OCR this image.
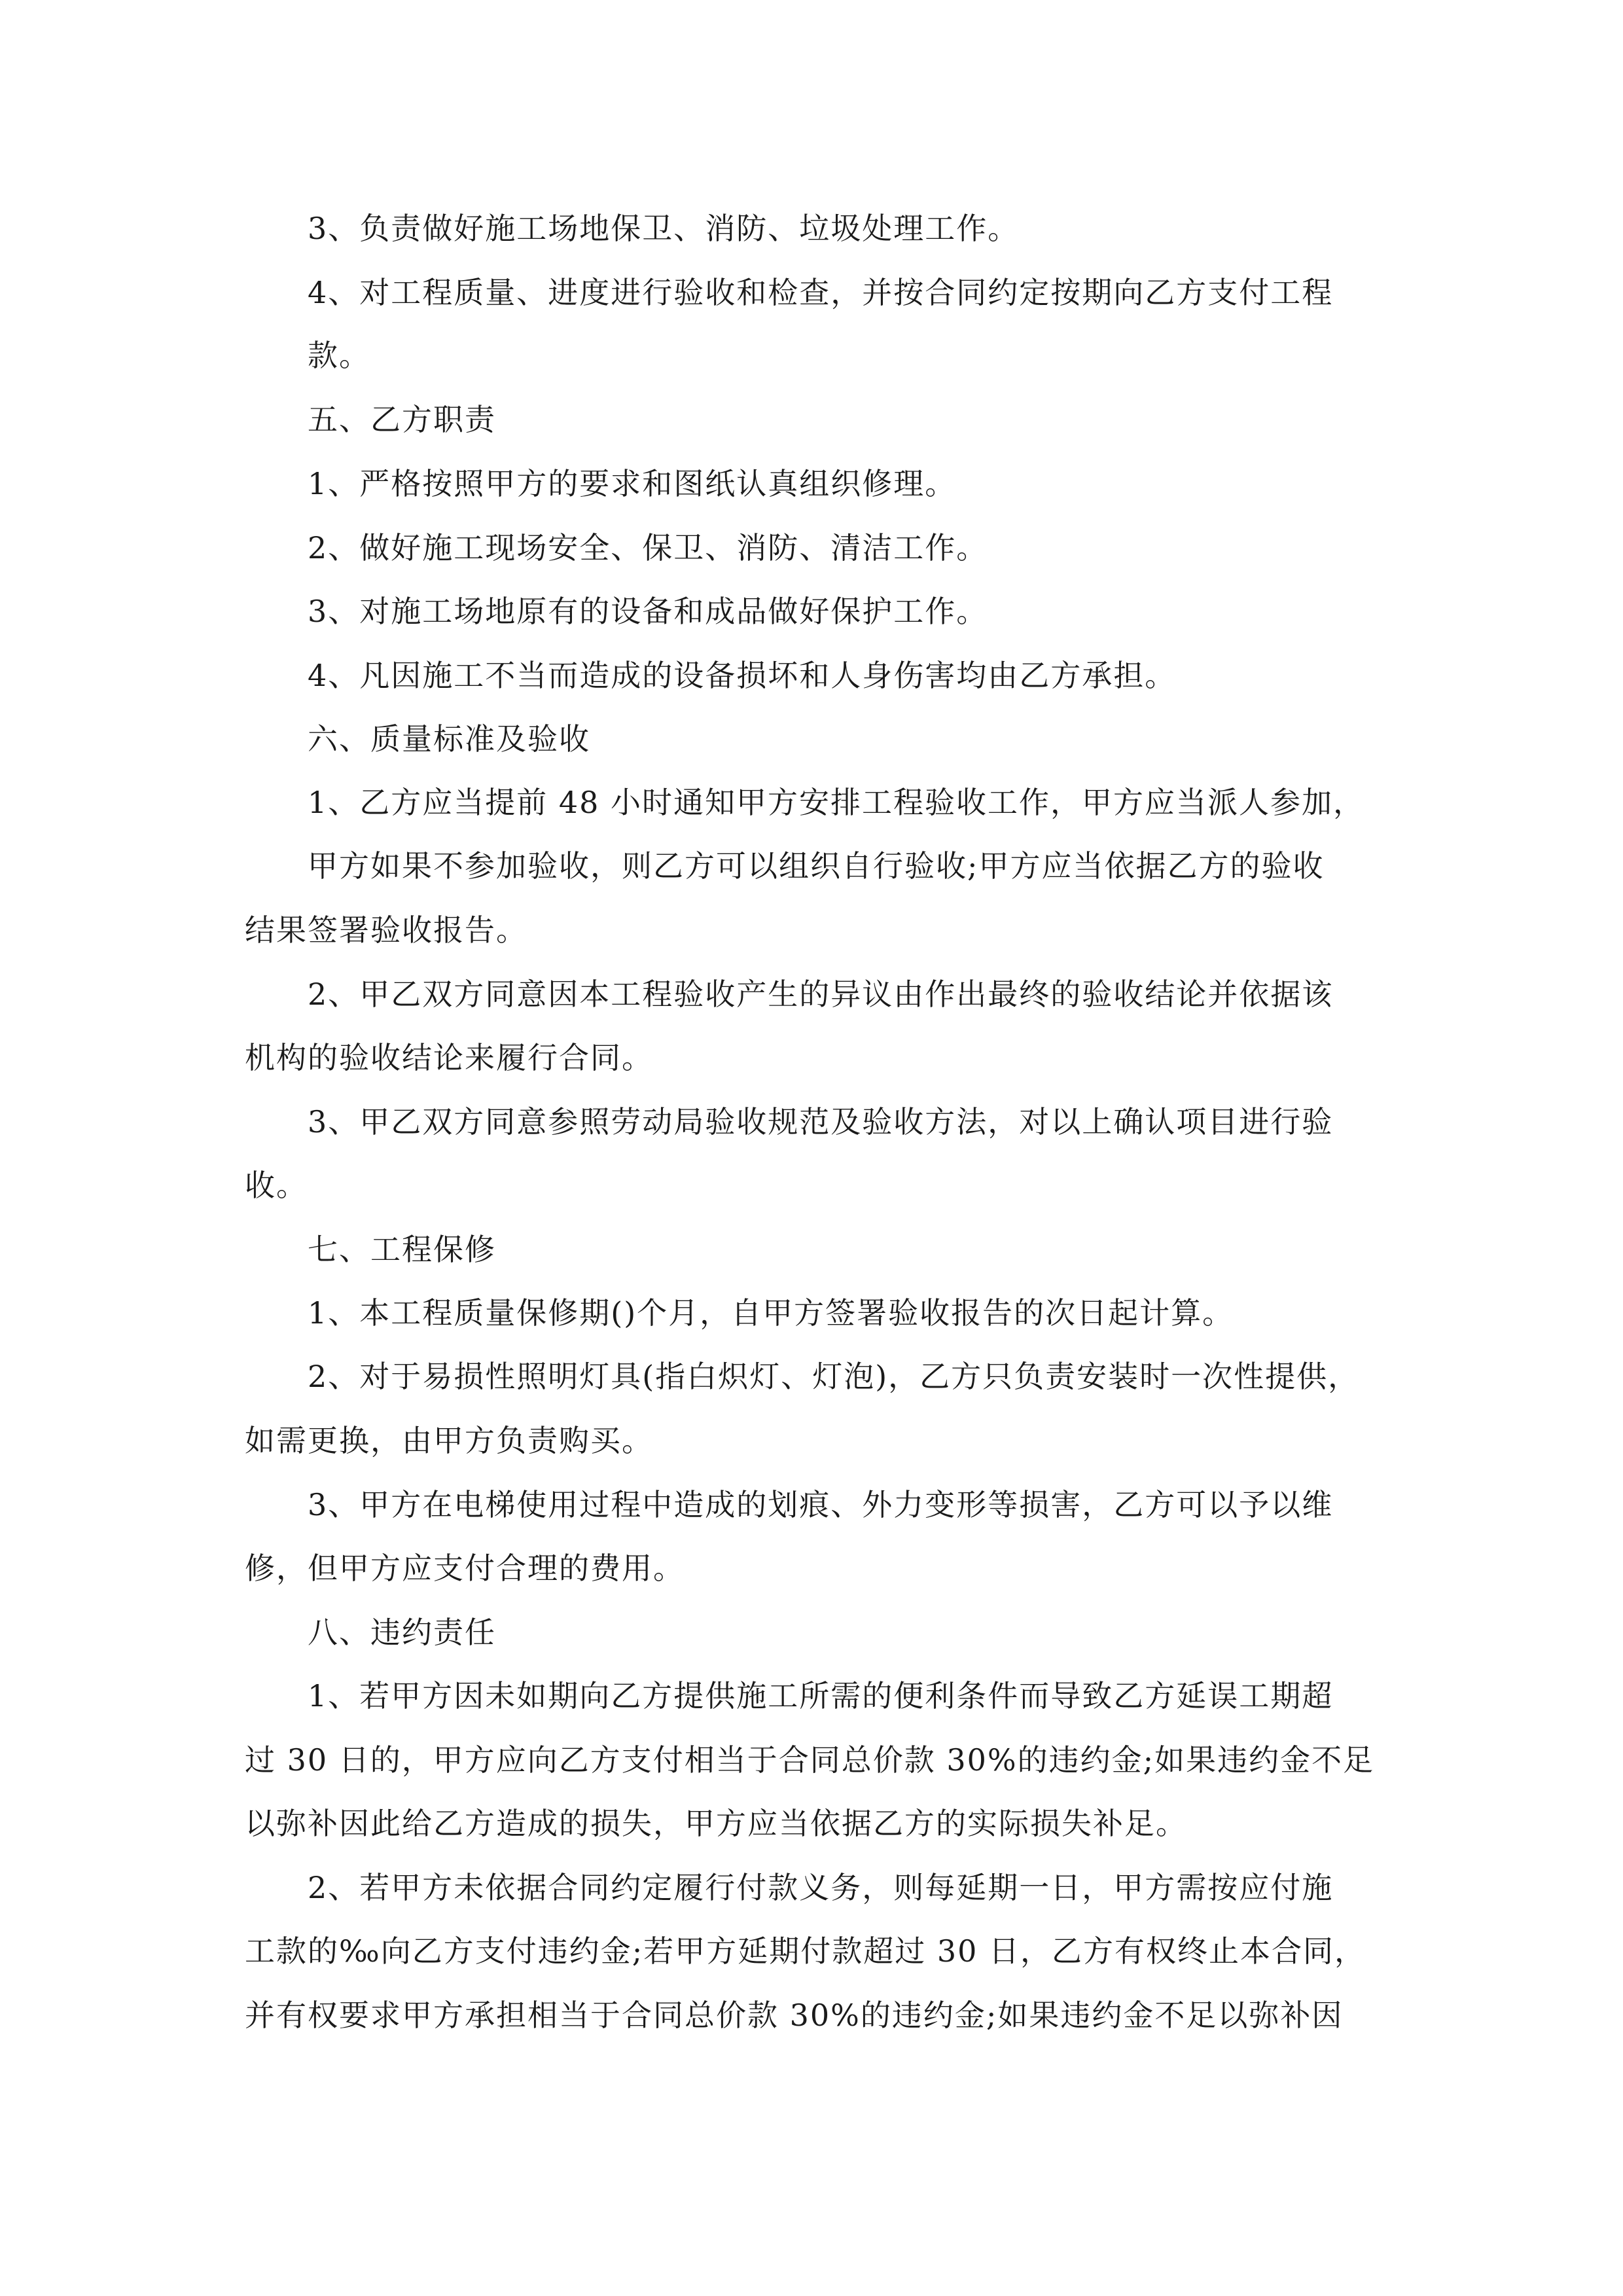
3、负责做好施工场地保卫、消防、垃圾处理工作。
4、对工程质量、进度进行验收和检查，并按合同约定按期向乙方支付工程
款。
五、乙方职责
1、严格按照甲方的要求和图纸认真组织修理。
2、做好施工现场安全、保卫、消防、清洁工作。
3、对施工场地原有的设备和成品做好保护工作。
4、凡因施工不当而造成的设备损坏和人身伤害均由乙方承担。
六、质量标准及验收
1、乙方应当提前 48 小时通知甲方安排工程验收工作，甲方应当派人参加，
甲方如果不参加验收，则乙方可以组织自行验收;甲方应当依据乙方的验收
结果签署验收报告。
2、甲乙双方同意因本工程验收产生的异议由作出最终的验收结论并依据该
机构的验收结论来履行合同。
3、甲乙双方同意参照劳动局验收规范及验收方法，对以上确认项目进行验
收。
七、工程保修
1、本工程质量保修期()个月，自甲方签署验收报告的次日起计算。
2、对于易损性照明灯具(指白炽灯、灯泡)，乙方只负责安装时一次性提供，
如需更换，由甲方负责购买。
3、甲方在电梯使用过程中造成的划痕、外力变形等损害，乙方可以予以维
修，但甲方应支付合理的费用。
八、违约责任
1、若甲方因未如期向乙方提供施工所需的便利条件而导致乙方延误工期超
过 30 日的，甲方应向乙方支付相当于合同总价款 30%的违约金;如果违约金不足
以弥补因此给乙方造成的损失，甲方应当依据乙方的实际损失补足。
2、若甲方未依据合同约定履行付款义务，则每延期一日，甲方需按应付施
工款的‰向乙方支付违约金;若甲方延期付款超过 30 日，乙方有权终止本合同，
并有权要求甲方承担相当于合同总价款 30%的违约金;如果违约金不足以弥补因
